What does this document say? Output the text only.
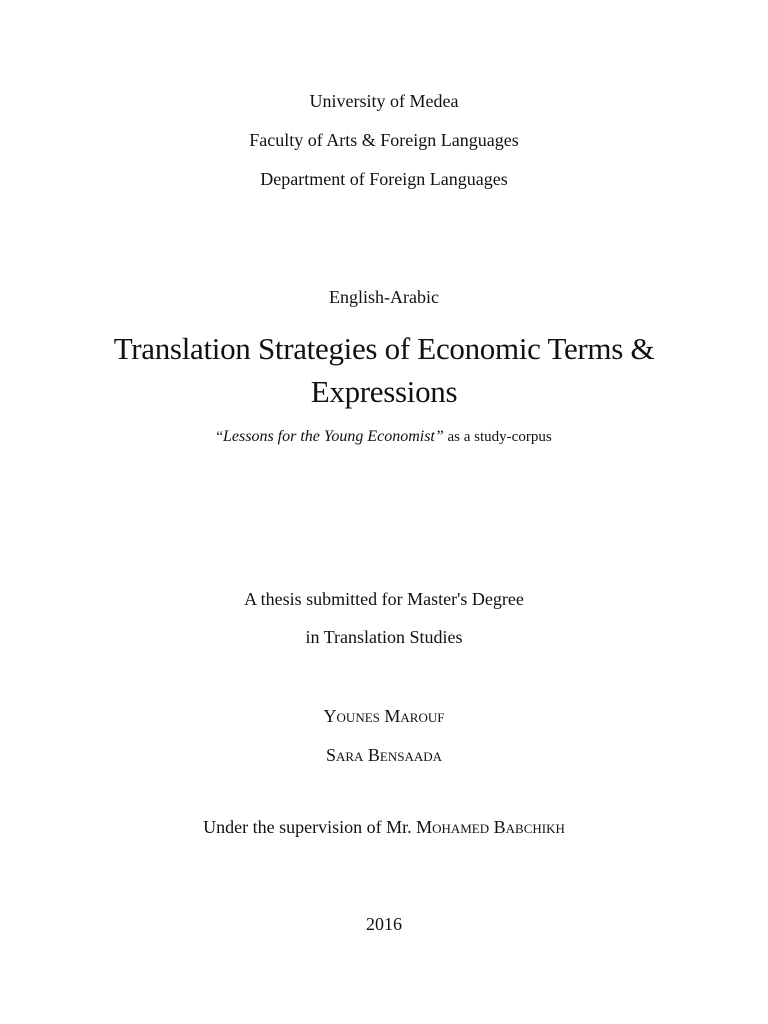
University of Medea
Faculty of Arts & Foreign Languages
Department of Foreign Languages
English-Arabic
Translation Strategies of Economic Terms &
Expressions
“Lessons for the Young Economist” as a study-corpus
A thesis submitted for Master's Degree
in Translation Studies
Younes Marouf
Sara Bensaada
Under the supervision of Mr. Mohamed Babchikh
2016
